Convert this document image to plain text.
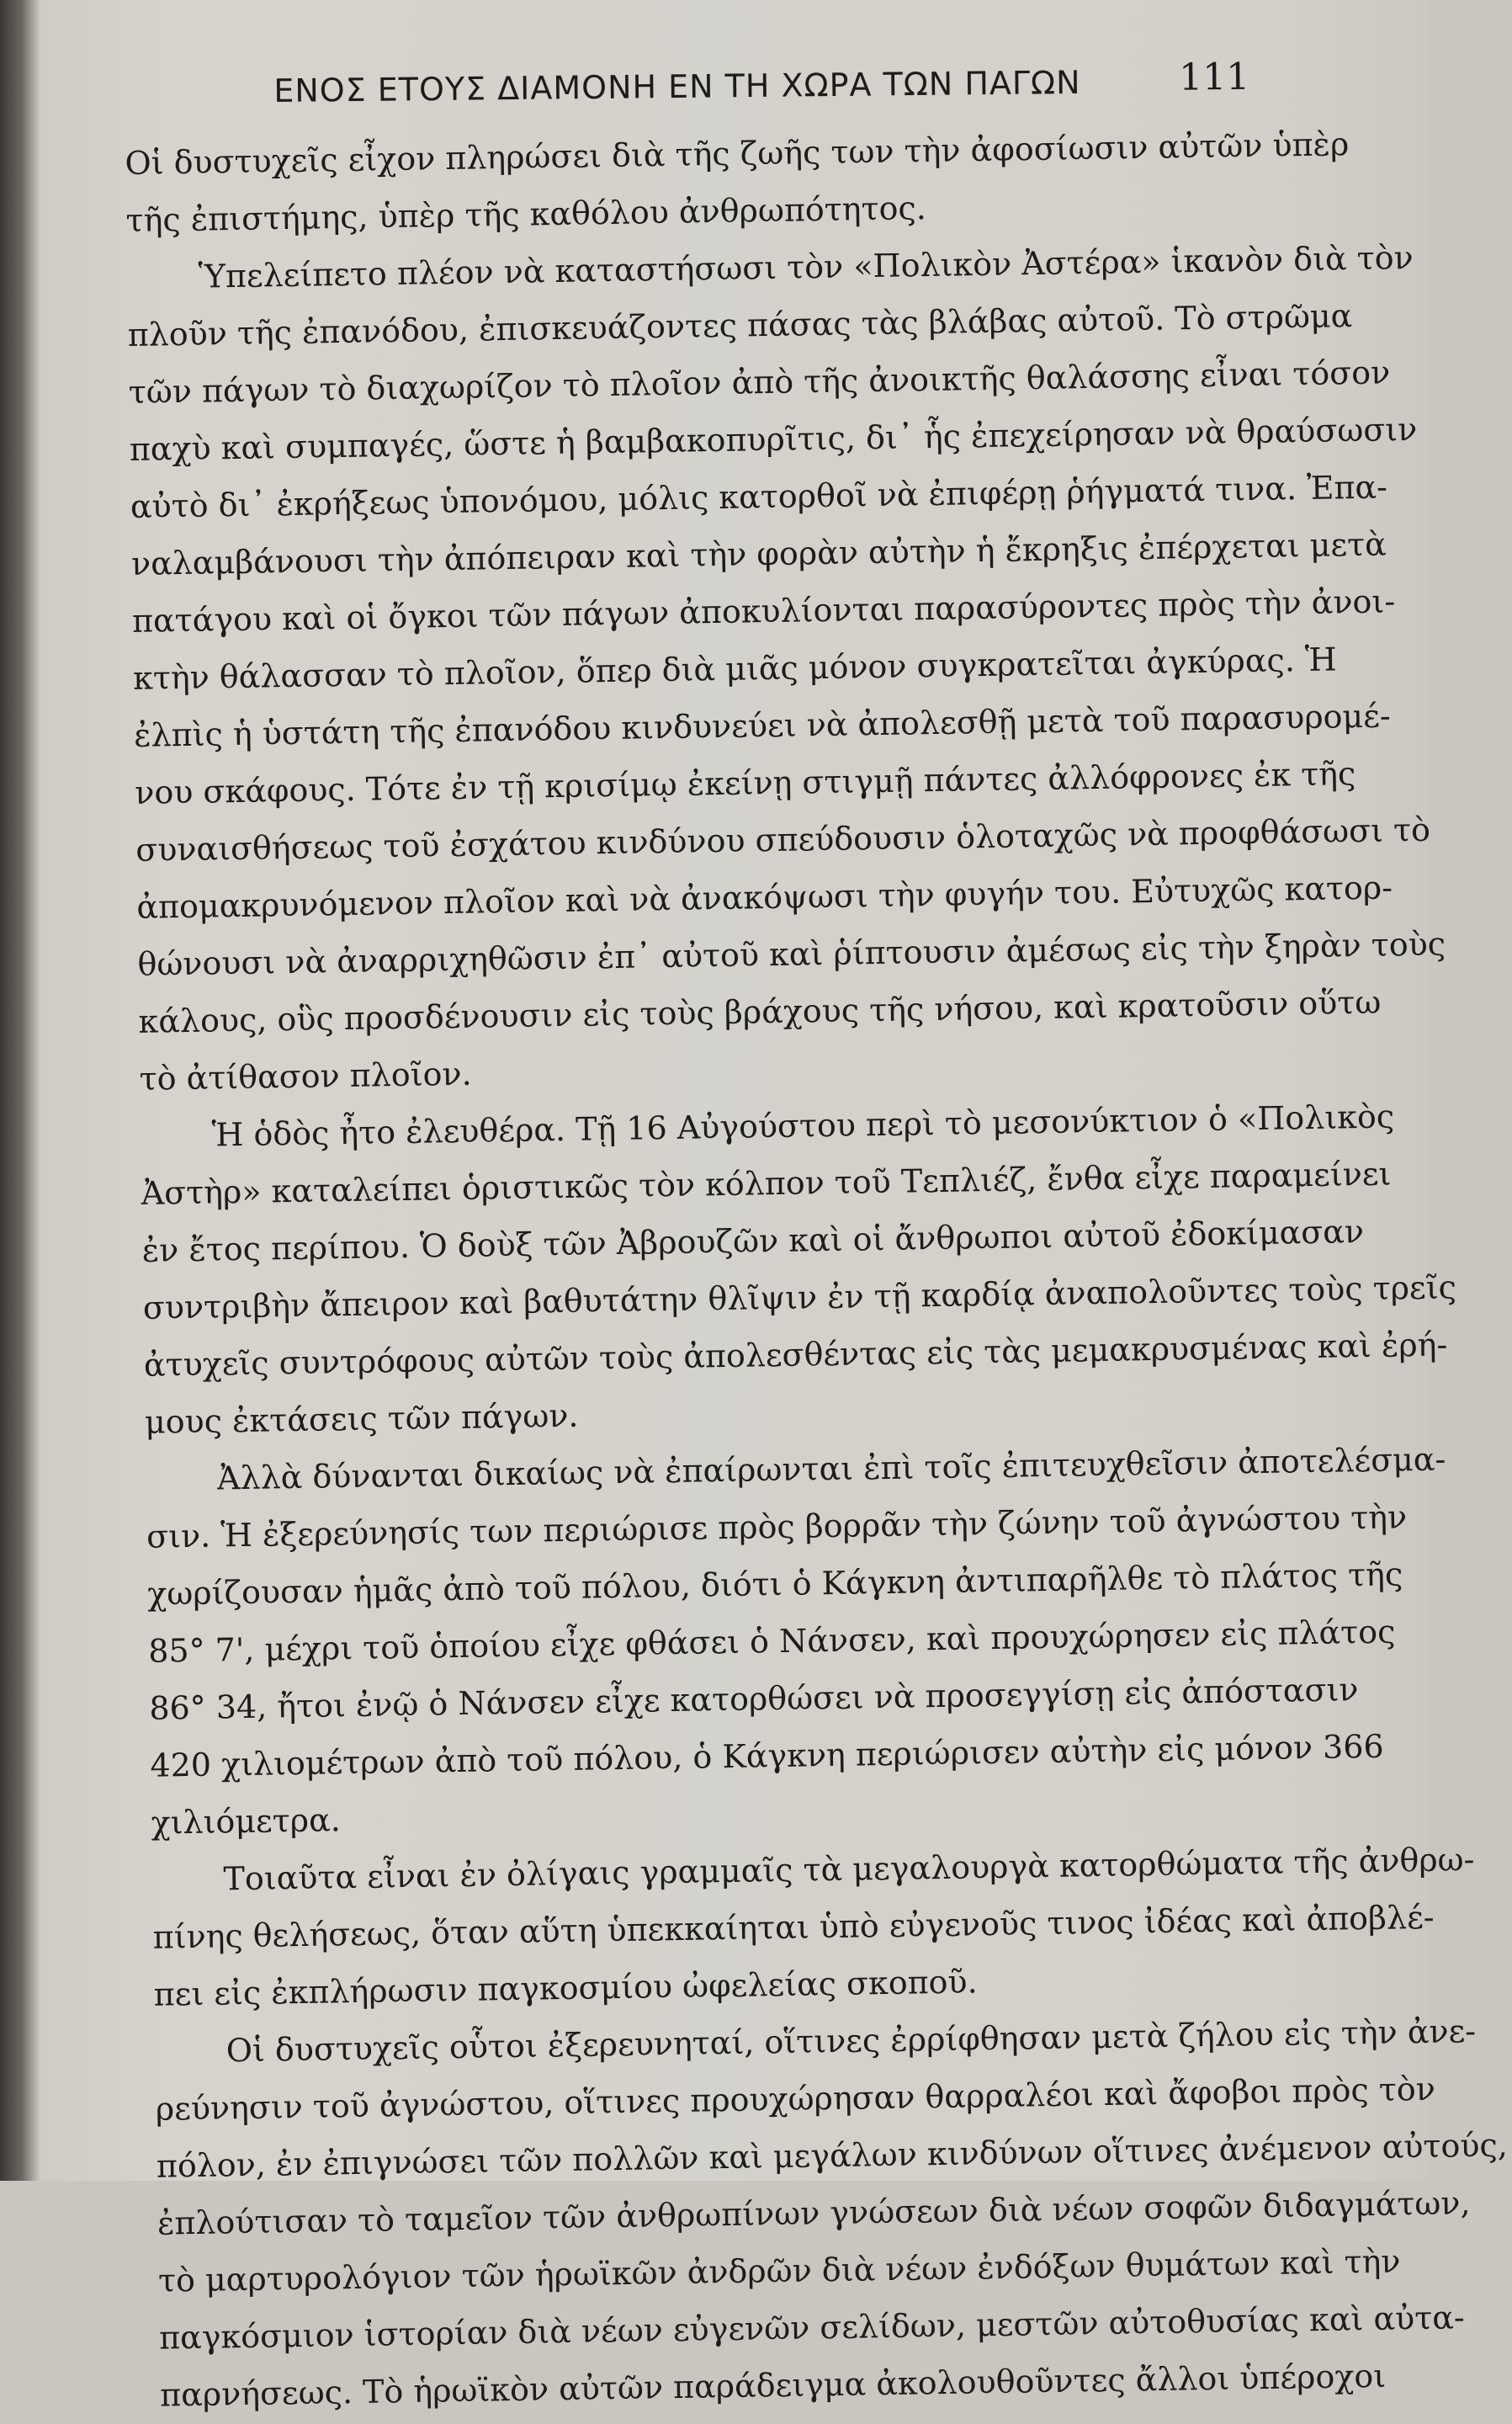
ΕΝΟΣ ΕΤΟΥΣ ΔΙΑΜΟΝΗ ΕΝ ΤΗ ΧΩΡΑ ΤΩΝ ΠΑΓΩΝ	111
Οἱ δυστυχεῖς εἶχον πληρώσει διὰ τῆς ζωῆς των τὴν ἀφοσίωσιν αὐτῶν ὑπὲρ
τῆς ἐπιστήμης, ὑπὲρ τῆς καθόλου ἀνθρωπότητος.
Ὑπελείπετο πλέον νὰ καταστήσωσι τὸν «Πολικὸν Ἀστέρα» ἱκανὸν διὰ τὸν
πλοῦν τῆς ἐπανόδου, ἐπισκευάζοντες πάσας τὰς βλάβας αὐτοῦ. Τὸ στρῶμα
τῶν πάγων τὸ διαχωρίζον τὸ πλοῖον ἀπὸ τῆς ἀνοικτῆς θαλάσσης εἶναι τόσον
παχὺ καὶ συμπαγές, ὥστε ἡ βαμβακοπυρῖτις, δι᾽ ἧς ἐπεχείρησαν νὰ θραύσωσιν
αὐτὸ δι᾽ ἐκρήξεως ὑπονόμου, μόλις κατορθοῖ νὰ ἐπιφέρῃ ῥήγματά τινα. Ἐπα-
ναλαμβάνουσι τὴν ἀπόπειραν καὶ τὴν φορὰν αὐτὴν ἡ ἔκρηξις ἐπέρχεται μετὰ
πατάγου καὶ οἱ ὄγκοι τῶν πάγων ἀποκυλίονται παρασύροντες πρὸς τὴν ἀνοι-
κτὴν θάλασσαν τὸ πλοῖον, ὅπερ διὰ μιᾶς μόνον συγκρατεῖται ἀγκύρας. Ἡ
ἐλπὶς ἡ ὑστάτη τῆς ἐπανόδου κινδυνεύει νὰ ἀπολεσθῇ μετὰ τοῦ παρασυρομέ-
νου σκάφους. Τότε ἐν τῇ κρισίμῳ ἐκείνῃ στιγμῇ πάντες ἀλλόφρονες ἐκ τῆς
συναισθήσεως τοῦ ἐσχάτου κινδύνου σπεύδουσιν ὁλοταχῶς νὰ προφθάσωσι τὸ
ἀπομακρυνόμενον πλοῖον καὶ νὰ ἀνακόψωσι τὴν φυγήν του. Εὐτυχῶς κατορ-
θώνουσι νὰ ἀναρριχηθῶσιν ἐπ᾽ αὐτοῦ καὶ ῥίπτουσιν ἀμέσως εἰς τὴν ξηρὰν τοὺς
κάλους, οὓς προσδένουσιν εἰς τοὺς βράχους τῆς νήσου, καὶ κρατοῦσιν οὕτω
τὸ ἀτίθασον πλοῖον.
Ἡ ὁδὸς ἦτο ἐλευθέρα. Τῇ 16 Αὐγούστου περὶ τὸ μεσονύκτιον ὁ «Πολικὸς
Ἀστὴρ» καταλείπει ὁριστικῶς τὸν κόλπον τοῦ Τεπλιέζ, ἔνθα εἶχε παραμείνει
ἐν ἔτος περίπου. Ὁ δοὺξ τῶν Ἀβρουζῶν καὶ οἱ ἄνθρωποι αὐτοῦ ἐδοκίμασαν
συντριβὴν ἄπειρον καὶ βαθυτάτην θλῖψιν ἐν τῇ καρδίᾳ ἀναπολοῦντες τοὺς τρεῖς
ἀτυχεῖς συντρόφους αὐτῶν τοὺς ἀπολεσθέντας εἰς τὰς μεμακρυσμένας καὶ ἐρή-
μους ἐκτάσεις τῶν πάγων.
Ἀλλὰ δύνανται δικαίως νὰ ἐπαίρωνται ἐπὶ τοῖς ἐπιτευχθεῖσιν ἀποτελέσμα-
σιν. Ἡ ἐξερεύνησίς των περιώρισε πρὸς βορρᾶν τὴν ζώνην τοῦ ἀγνώστου τὴν
χωρίζουσαν ἡμᾶς ἀπὸ τοῦ πόλου, διότι ὁ Κάγκνη ἀντιπαρῆλθε τὸ πλάτος τῆς
85° 7', μέχρι τοῦ ὁποίου εἶχε φθάσει ὁ Νάνσεν, καὶ προυχώρησεν εἰς πλάτος
86° 34, ἤτοι ἐνῷ ὁ Νάνσεν εἶχε κατορθώσει νὰ προσεγγίσῃ εἰς ἀπόστασιν
420 χιλιομέτρων ἀπὸ τοῦ πόλου, ὁ Κάγκνη περιώρισεν αὐτὴν εἰς μόνον 366
χιλιόμετρα.
Τοιαῦτα εἶναι ἐν ὀλίγαις γραμμαῖς τὰ μεγαλουργὰ κατορθώματα τῆς ἀνθρω-
πίνης θελήσεως, ὅταν αὕτη ὑπεκκαίηται ὑπὸ εὐγενοῦς τινος ἰδέας καὶ ἀποβλέ-
πει εἰς ἐκπλήρωσιν παγκοσμίου ὠφελείας σκοποῦ.
Οἱ δυστυχεῖς οὗτοι ἐξερευνηταί, οἵτινες ἐρρίφθησαν μετὰ ζήλου εἰς τὴν ἀνε-
ρεύνησιν τοῦ ἀγνώστου, οἵτινες προυχώρησαν θαρραλέοι καὶ ἄφοβοι πρὸς τὸν
πόλον, ἐν ἐπιγνώσει τῶν πολλῶν καὶ μεγάλων κινδύνων οἵτινες ἀνέμενον αὐτούς,
ἐπλούτισαν τὸ ταμεῖον τῶν ἀνθρωπίνων γνώσεων διὰ νέων σοφῶν διδαγμάτων,
τὸ μαρτυρολόγιον τῶν ἡρωϊκῶν ἀνδρῶν διὰ νέων ἐνδόξων θυμάτων καὶ τὴν
παγκόσμιον ἱστορίαν διὰ νέων εὐγενῶν σελίδων, μεστῶν αὐτοθυσίας καὶ αὐτα-
παρνήσεως. Τὸ ἡρωϊκὸν αὐτῶν παράδειγμα ἀκολουθοῦντες ἄλλοι ὑπέροχοι
